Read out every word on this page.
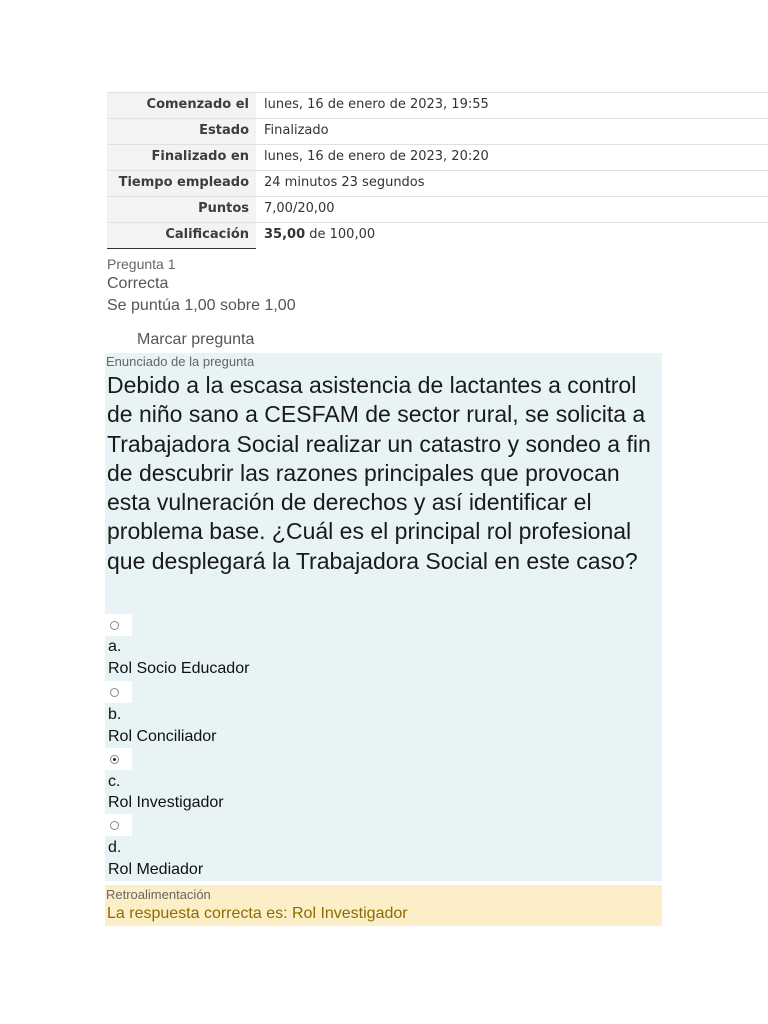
Comenzado el	lunes, 16 de enero de 2023, 19:55
Estado	Finalizado
Finalizado en	lunes, 16 de enero de 2023, 20:20
Tiempo empleado	24 minutos 23 segundos
Puntos	7,00/20,00
Calificación	35,00 de 100,00
Pregunta 1
Correcta
Se puntúa 1,00 sobre 1,00
Marcar pregunta
Enunciado de la pregunta
Debido a la escasa asistencia de lactantes a control de niño sano a CESFAM de sector rural, se solicita a Trabajadora Social realizar un catastro y sondeo a fin de descubrir las razones principales que provocan esta vulneración de derechos y así identificar el problema base. ¿Cuál es el principal rol profesional que desplegará la Trabajadora Social en este caso?
a.
Rol Socio Educador
b.
Rol Conciliador
c.
Rol Investigador
d.
Rol Mediador
Retroalimentación
La respuesta correcta es: Rol Investigador
